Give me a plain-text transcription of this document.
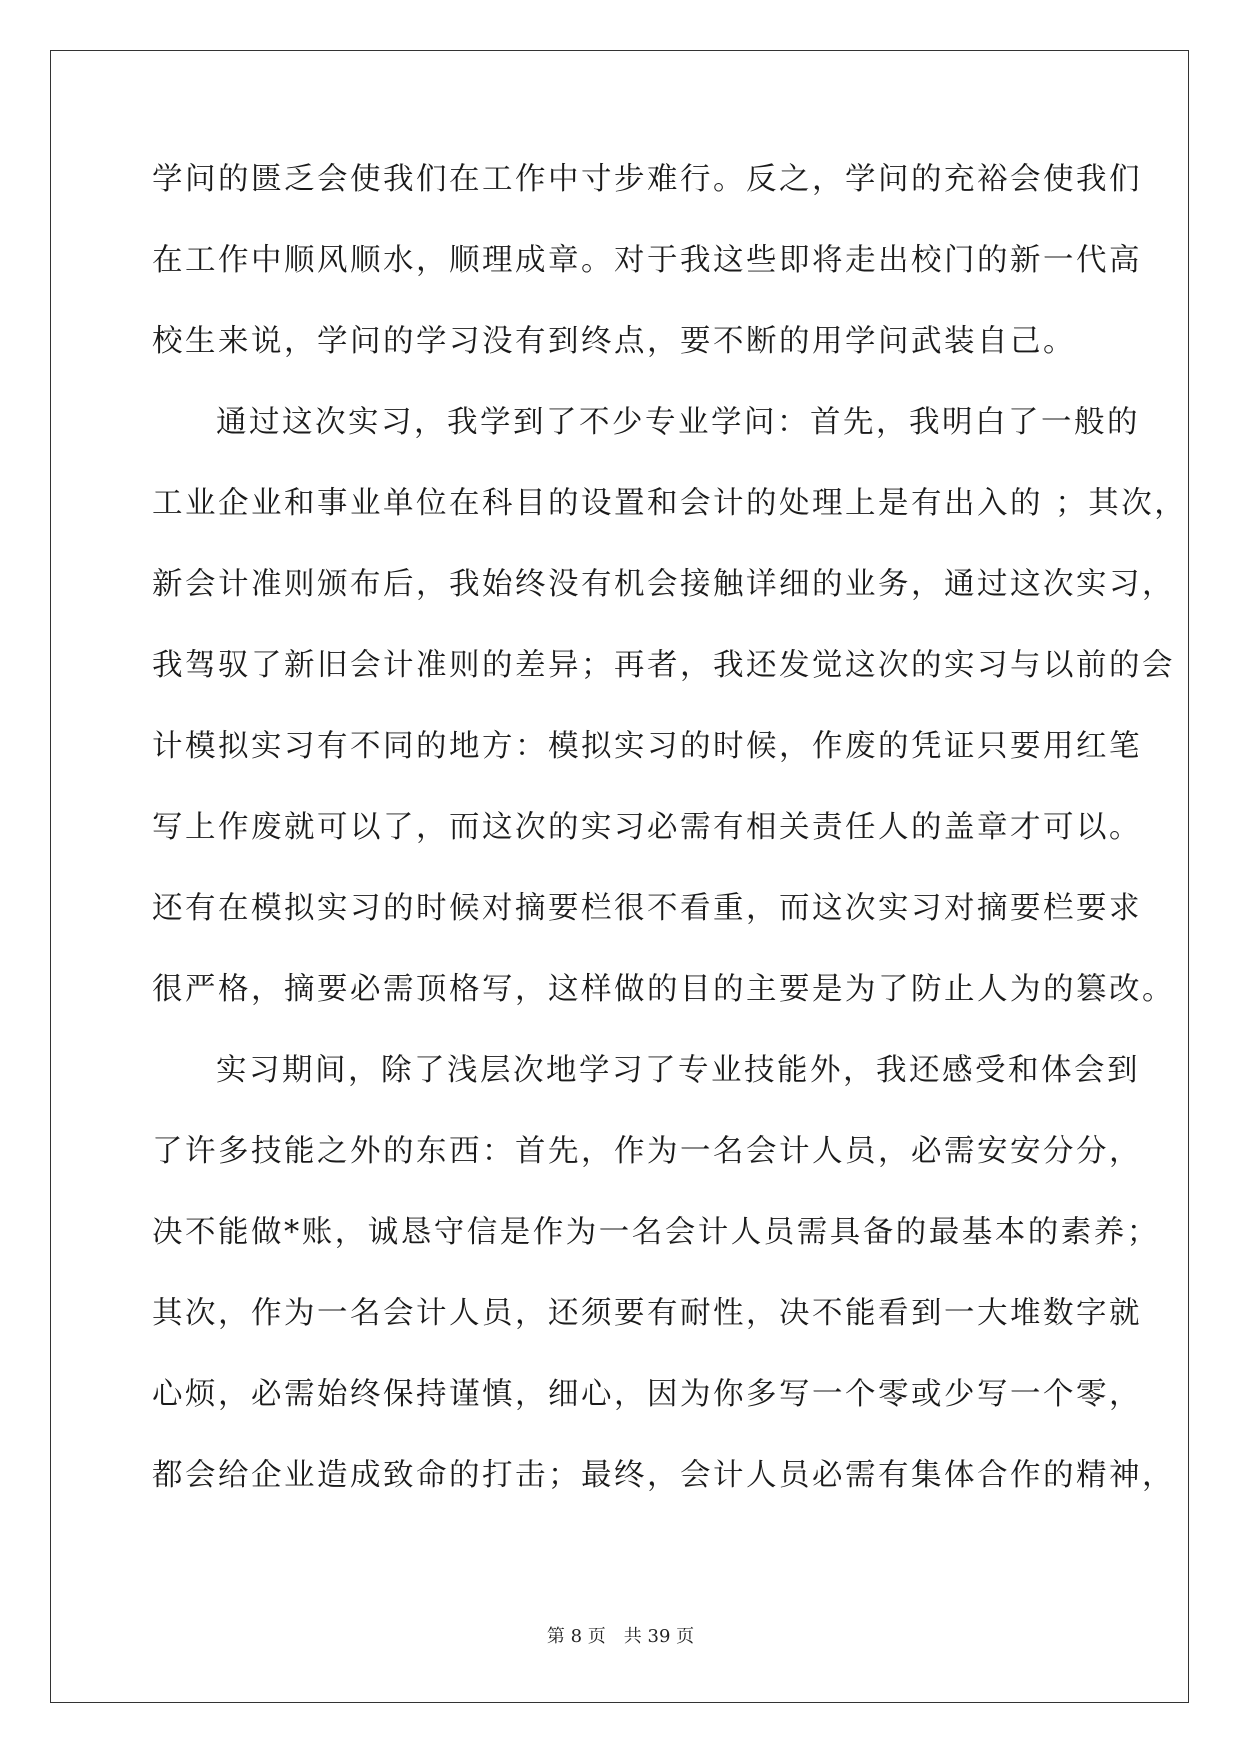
学问的匮乏会使我们在工作中寸步难行。反之，学问的充裕会使我们
在工作中顺风顺水，顺理成章。对于我这些即将走出校门的新一代高
校生来说，学问的学习没有到终点，要不断的用学问武装自己。
通过这次实习，我学到了不少专业学问：首先，我明白了一般的
工业企业和事业单位在科目的设置和会计的处理上是有出入的 ；其次，
新会计准则颁布后，我始终没有机会接触详细的业务，通过这次实习，
我驾驭了新旧会计准则的差异；再者，我还发觉这次的实习与以前的会
计模拟实习有不同的地方：模拟实习的时候，作废的凭证只要用红笔
写上作废就可以了，而这次的实习必需有相关责任人的盖章才可以。
还有在模拟实习的时候对摘要栏很不看重，而这次实习对摘要栏要求
很严格，摘要必需顶格写，这样做的目的主要是为了防止人为的篡改。
实习期间，除了浅层次地学习了专业技能外，我还感受和体会到
了许多技能之外的东西：首先，作为一名会计人员，必需安安分分，
决不能做*账，诚恳守信是作为一名会计人员需具备的最基本的素养；
其次，作为一名会计人员，还须要有耐性，决不能看到一大堆数字就
心烦，必需始终保持谨慎，细心，因为你多写一个零或少写一个零，
都会给企业造成致命的打击；最终，会计人员必需有集体合作的精神，
第 8 页　共 39 页
